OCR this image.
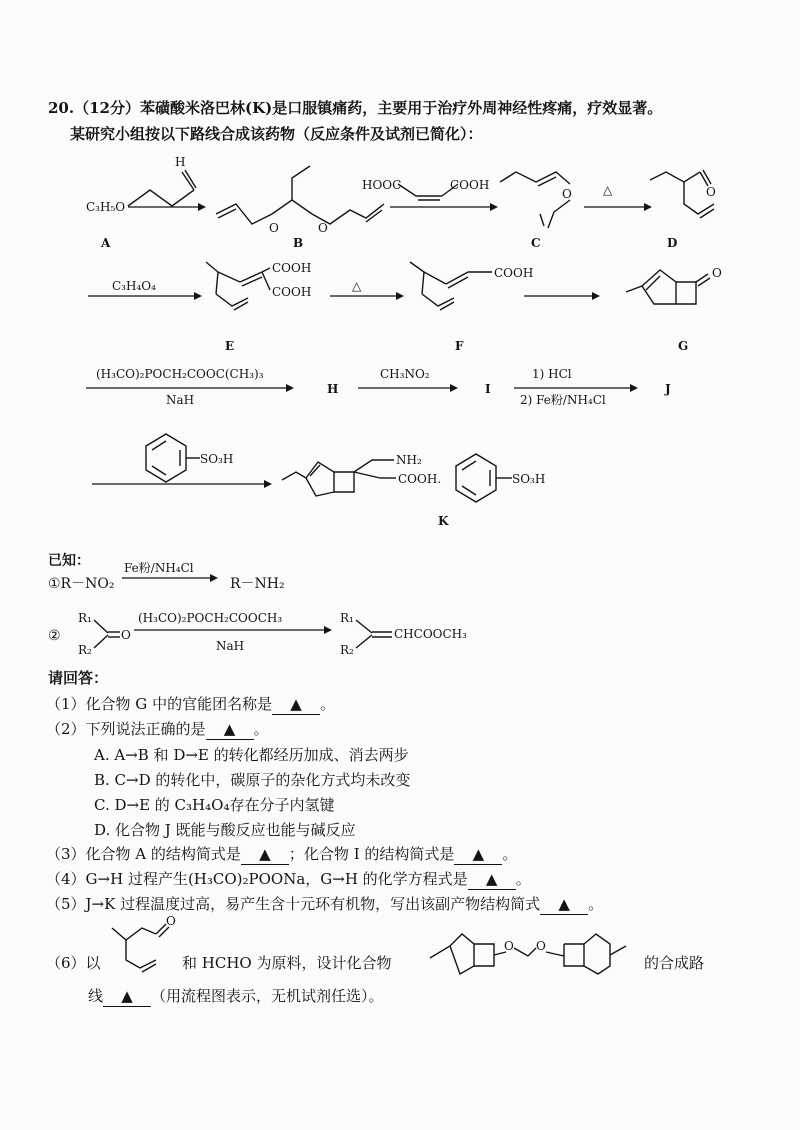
20.（12分）苯磺酸米洛巴林(K)是口服镇痛药，主要用于治疗外周神经性疼痛，疗效显著。
某研究小组按以下路线合成该药物（反应条件及试剂已简化）：
H
C₃H₅O
O	O
HOOC	COOH
O	△	O
A	B	C	D
C₃H₄O₄
COOH
COOH	△
COOH	O
E	F	G
(H₃CO)₂POCH₂COOC(CH₃)₃
NaH
H
CH₃NO₂
I
1) HCl
2) Fe粉/NH₄Cl
J
SO₃H	NH₂
COOH.	SO₃H
K
Fe粉/NH₄Cl
①R－NO₂	R－NH₂
②
R₁
R₂
O
(H₃CO)₂POCH₂COOCH₃
NaH
R₁
R₂
CHCOOCH₃
O
O O
已知：
请回答：
（1）化合物 G 中的官能团名称是 ▲ 。
（2）下列说法正确的是 ▲ 。
A. A→B 和 D→E 的转化都经历加成、消去两步
B. C→D 的转化中，碳原子的杂化方式均未改变
C. D→E 的 C₃H₄O₄存在分子内氢键
D. 化合物 J 既能与酸反应也能与碱反应
（3）化合物 A 的结构简式是 ▲ ；化合物 I 的结构简式是 ▲ 。
（4）G→H 过程产生(H₃CO)₂POONa，G→H 的化学方程式是 ▲ 。
（5）J→K 过程温度过高，易产生含十元环有机物，写出该副产物结构简式 ▲ 。
（6）以	和 HCHO 为原料，设计化合物	的合成路
线 ▲ （用流程图表示，无机试剂任选）。
